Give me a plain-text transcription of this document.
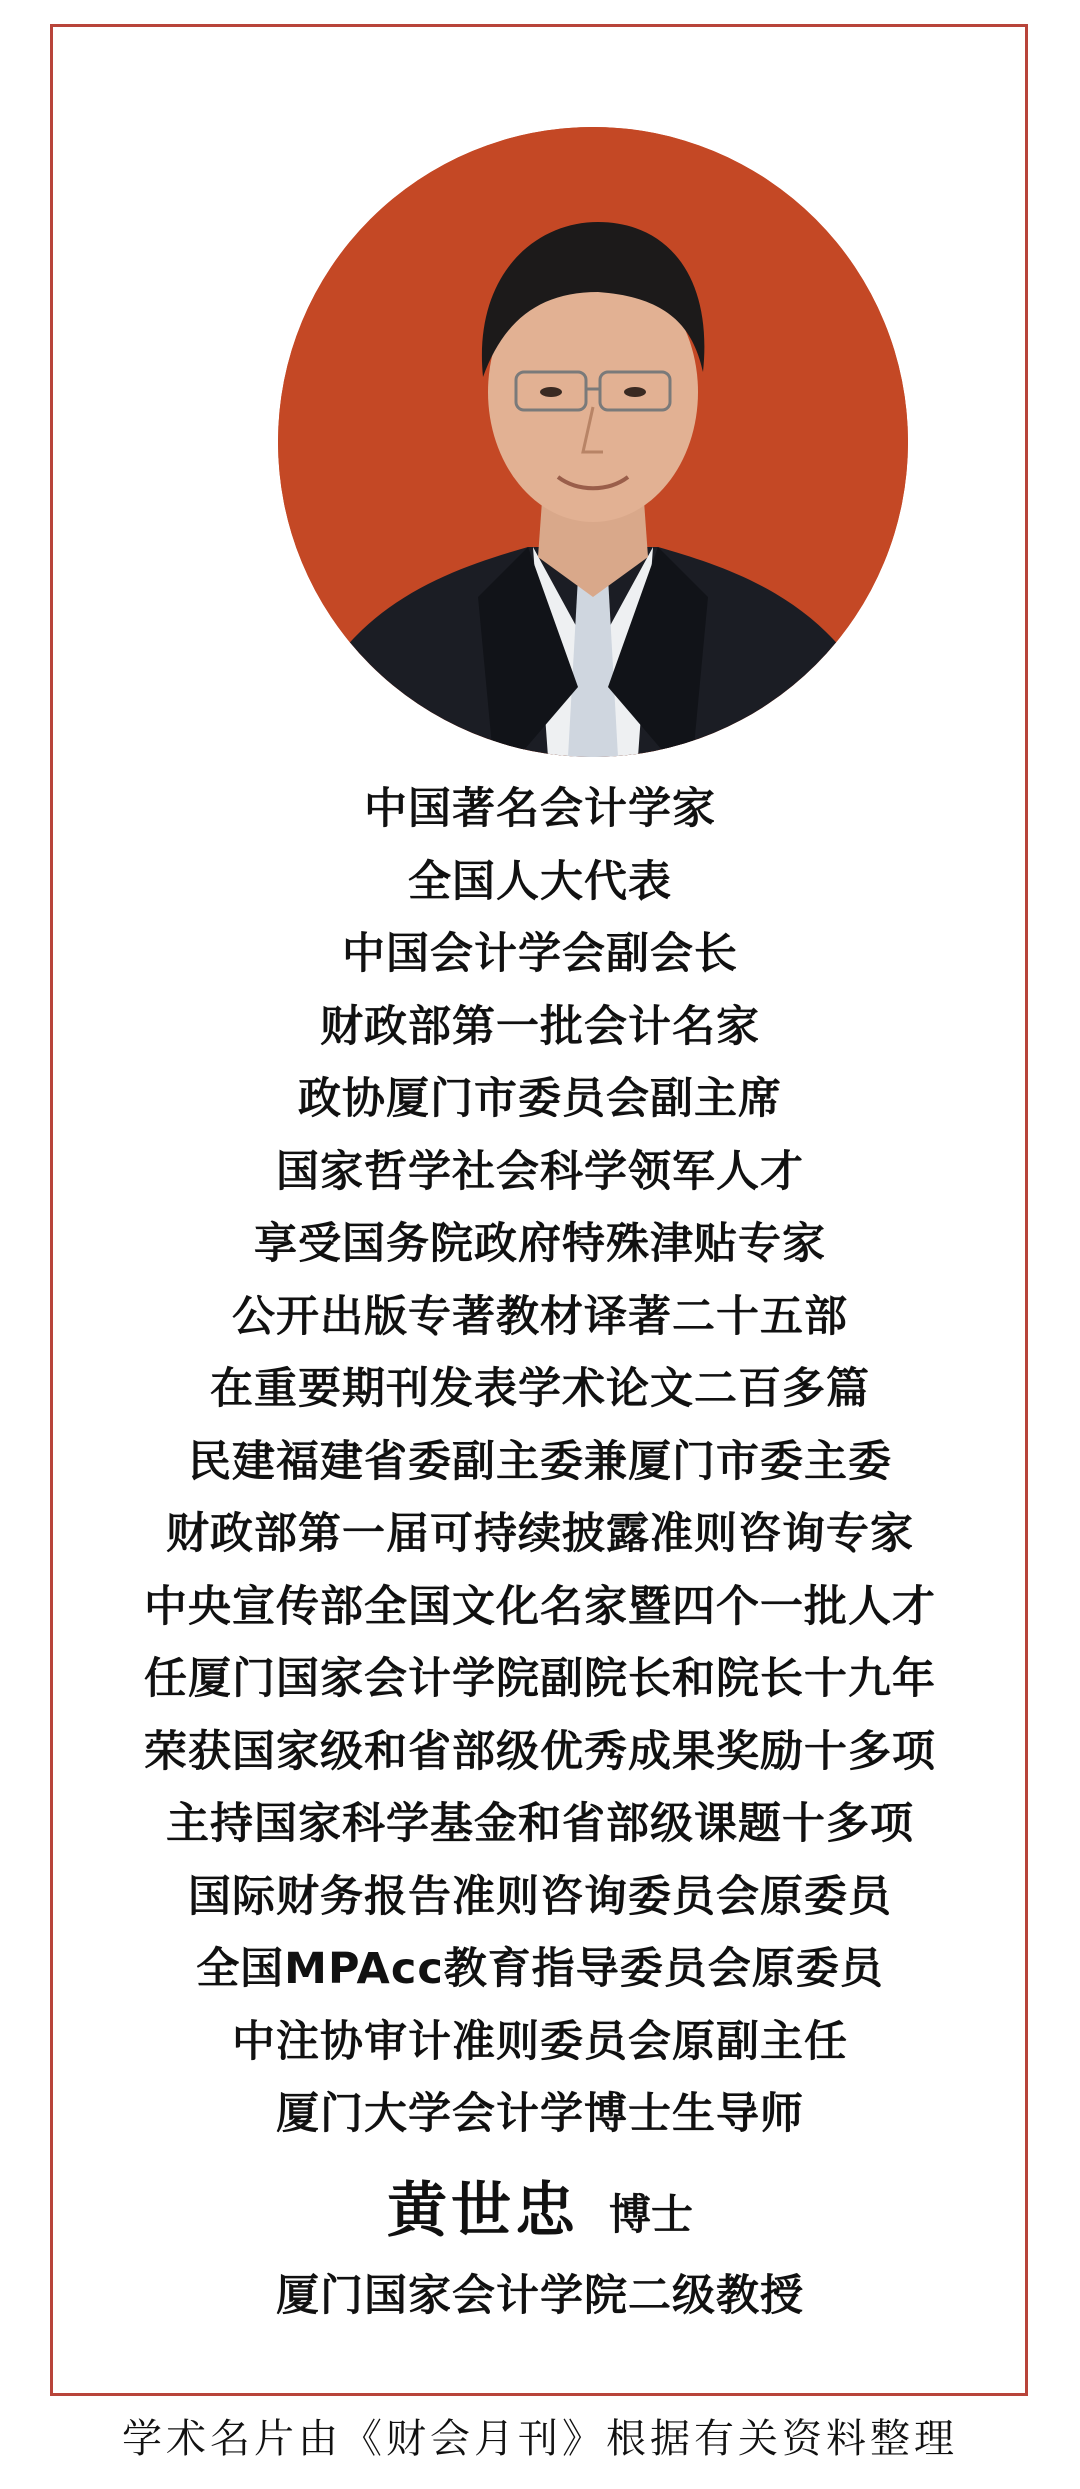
中国著名会计学家
全国人大代表
中国会计学会副会长
财政部第一批会计名家
政协厦门市委员会副主席
国家哲学社会科学领军人才
享受国务院政府特殊津贴专家
公开出版专著教材译著二十五部
在重要期刊发表学术论文二百多篇
民建福建省委副主委兼厦门市委主委
财政部第一届可持续披露准则咨询专家
中央宣传部全国文化名家暨四个一批人才
任厦门国家会计学院副院长和院长十九年
荣获国家级和省部级优秀成果奖励十多项
主持国家科学基金和省部级课题十多项
国际财务报告准则咨询委员会原委员
全国MPAcc教育指导委员会原委员
中注协审计准则委员会原副主任
厦门大学会计学博士生导师
黄世忠 博士
厦门国家会计学院二级教授
学术名片由《财会月刊》根据有关资料整理
